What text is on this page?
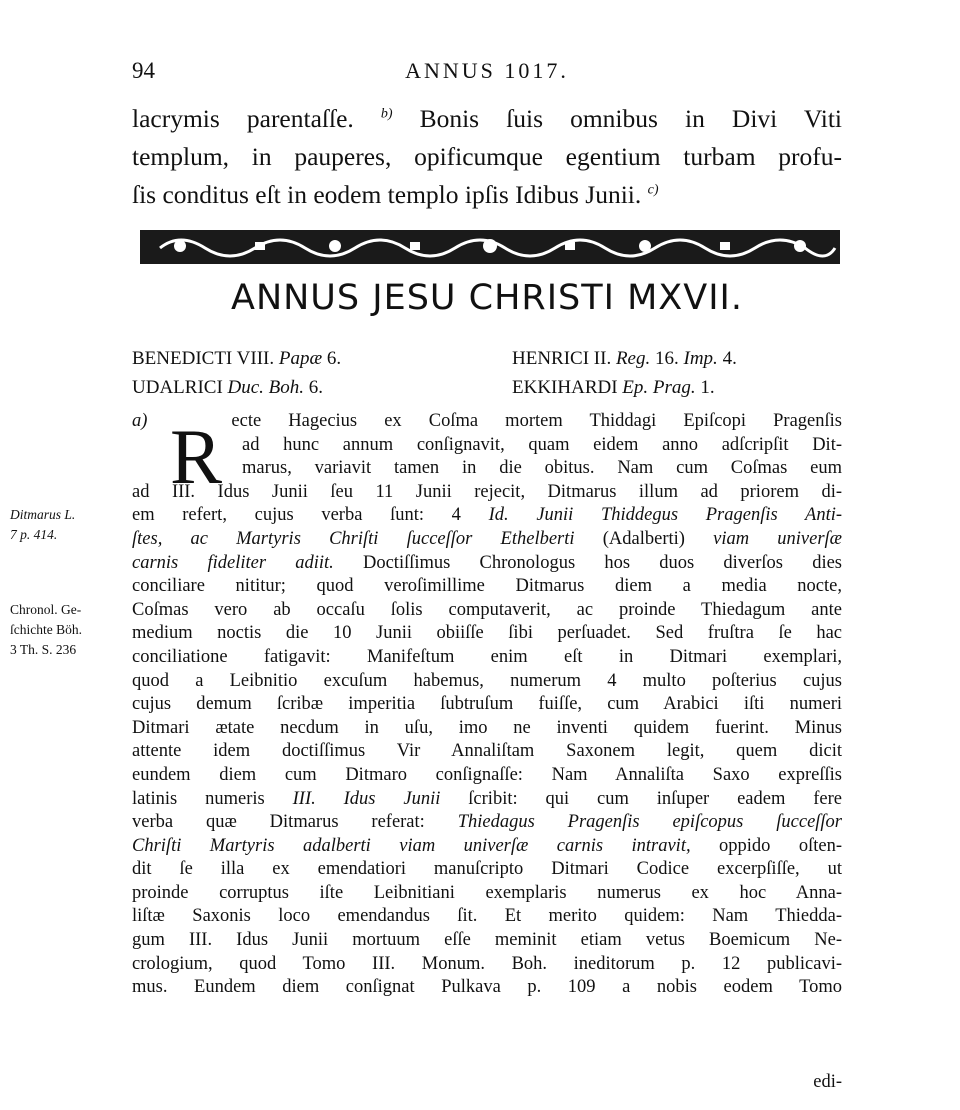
94	ANNUS 1017.
lacrymis parentaſſe. $^{b)}$ Bonis ſuis omnibus in Divi Viti
templum, in pauperes, opificumque egentium turbam profu-
ſis conditus eſt in eodem templo ipſis Idibus Junii. $^{c)}$
ANNUS JESU CHRISTI MXVII.
BENEDICTI VIII. Papæ 6.	HENRICI II. Reg. 16. Imp. 4.
UDALRICI Duc. Boh. 6.	EKKIHARDI Ep. Prag. 1.
R
a)	ecte Hagecius ex Coſma mortem Thiddagi Epiſcopi Pragenſis
ad hunc annum conſignavit, quam eidem anno adſcripſit Dit-
marus, variavit tamen in die obitus. Nam cum Coſmas eum
ad III. Idus Junii ſeu 11 Junii rejecit, Ditmarus illum ad priorem di-
em refert, cujus verba ſunt: 4 Id. Junii Thiddegus Pragenſis Anti-
ſtes, ac Martyris Chriſti ſucceſſor Ethelberti (Adalberti) viam univerſæ
carnis fideliter adiit. Doctiſſimus Chronologus hos duos diverſos dies
conciliare nititur; quod veroſimillime Ditmarus diem a media nocte,
Coſmas vero ab occaſu ſolis computaverit, ac proinde Thiedagum ante
medium noctis die 10 Junii obiiſſe ſibi perſuadet. Sed fruſtra ſe hac
conciliatione fatigavit: Manifeſtum enim eſt in Ditmari exemplari,
quod a Leibnitio excuſum habemus, numerum 4 multo poſterius cujus
cujus demum ſcribæ imperitia ſubtruſum fuiſſe, cum Arabici iſti numeri
Ditmari ætate necdum in uſu, imo ne inventi quidem fuerint. Minus
attente idem doctiſſimus Vir Annaliſtam Saxonem legit, quem dicit
eundem diem cum Ditmaro conſignaſſe: Nam Annaliſta Saxo expreſſis
latinis numeris III. Idus Junii ſcribit: qui cum inſuper eadem fere
verba quæ Ditmarus referat: Thiedagus Pragenſis epiſcopus ſucceſſor
Chriſti Martyris adalberti viam univerſæ carnis intravit, oppido oſten-
dit ſe illa ex emendatiori manuſcripto Ditmari Codice excerpſiſſe, ut
proinde corruptus iſte Leibnitiani exemplaris numerus ex hoc Anna-
liſtæ Saxonis loco emendandus ſit. Et merito quidem: Nam Thiedda-
gum III. Idus Junii mortuum eſſe meminit etiam vetus Boemicum Ne-
crologium, quod Tomo III. Monum. Boh. ineditorum p. 12 publicavi-
mus. Eundem diem conſignat Pulkava p. 109 a nobis eodem Tomo
Ditmarus L.
7 p. 414.
Chronol. Ge-
ſchichte Böh.
3 Th. S. 236
edi-
